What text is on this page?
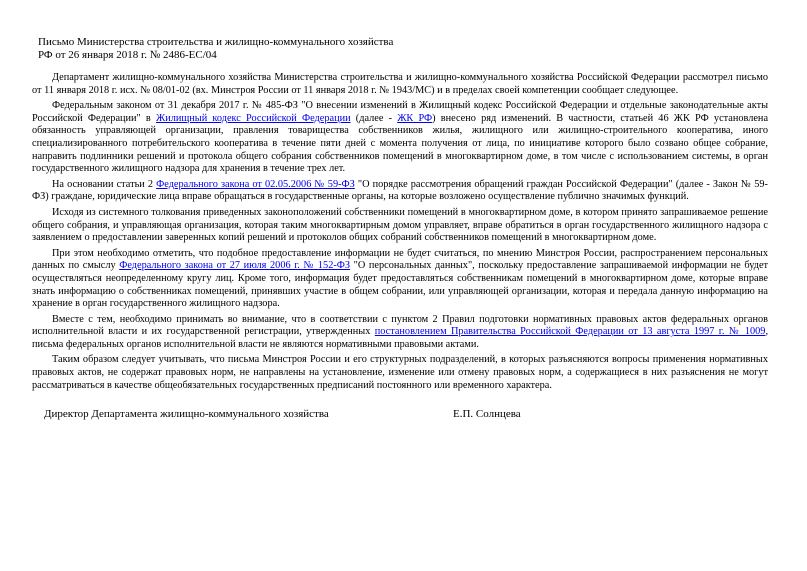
Письмо Министерства строительства и жилищно-коммунального хозяйства РФ от 26 января 2018 г. № 2486-ЕС/04

Департамент жилищно-коммунального хозяйства Министерства строительства и жилищно-коммунального хозяйства Российской Федерации рассмотрел письмо от 11 января 2018 г. исх. № 08/01-02 (вх. Минстроя России от 11 января 2018 г. № 1943/МС) и в пределах своей компетенции сообщает следующее.

Федеральным законом от 31 декабря 2017 г. № 485-ФЗ "О внесении изменений в Жилищный кодекс Российской Федерации и отдельные законодательные акты Российской Федерации" в Жилищный кодекс Российской Федерации (далее - ЖК РФ) внесено ряд изменений. В частности, статьей 46 ЖК РФ установлена обязанность управляющей организации, правления товарищества собственников жилья, жилищного или жилищно-строительного кооператива, иного специализированного потребительского кооператива в течение пяти дней с момента получения от лица, по инициативе которого было созвано общее собрание, направить подлинники решений и протокола общего собрания собственников помещений в многоквартирном доме, в том числе с использованием системы, в орган государственного жилищного надзора для хранения в течение трех лет.

На основании статьи 2 Федерального закона от 02.05.2006 № 59-ФЗ "О порядке рассмотрения обращений граждан Российской Федерации" (далее - Закон № 59-ФЗ) граждане, юридические лица вправе обращаться в государственные органы, на которые возложено осуществление публично значимых функций.

Исходя из системного толкования приведенных законоположений собственники помещений в многоквартирном доме, в котором принято запрашиваемое решение общего собрания, и управляющая организация, которая таким многоквартирным домом управляет, вправе обратиться в орган государственного жилищного надзора с заявлением о предоставлении заверенных копий решений и протоколов общих собраний собственников помещений в многоквартирном доме.

При этом необходимо отметить, что подобное предоставление информации не будет считаться, по мнению Минстроя России, распространением персональных данных по смыслу Федерального закона от 27 июля 2006 г. № 152-ФЗ "О персональных данных", поскольку предоставление запрашиваемой информации не будет осуществляться неопределенному кругу лиц. Кроме того, информация будет предоставляться собственникам помещений в многоквартирном доме, которые вправе знать информацию о собственниках помещений, принявших участие в общем собрании, или управляющей организации, которая и передала данную информацию на хранение в орган государственного жилищного надзора.

Вместе с тем, необходимо принимать во внимание, что в соответствии с пунктом 2 Правил подготовки нормативных правовых актов федеральных органов исполнительной власти и их государственной регистрации, утвержденных постановлением Правительства Российской Федерации от 13 августа 1997 г. № 1009, письма федеральных органов исполнительной власти не являются нормативными правовыми актами.

Таким образом следует учитывать, что письма Минстроя России и его структурных подразделений, в которых разъясняются вопросы применения нормативных правовых актов, не содержат правовых норм, не направлены на установление, изменение или отмену правовых норм, а содержащиеся в них разъяснения не могут рассматриваться в качестве общеобязательных государственных предписаний постоянного или временного характера.

Директор Департамента жилищно-коммунального хозяйства	Е.П. Солнцева
